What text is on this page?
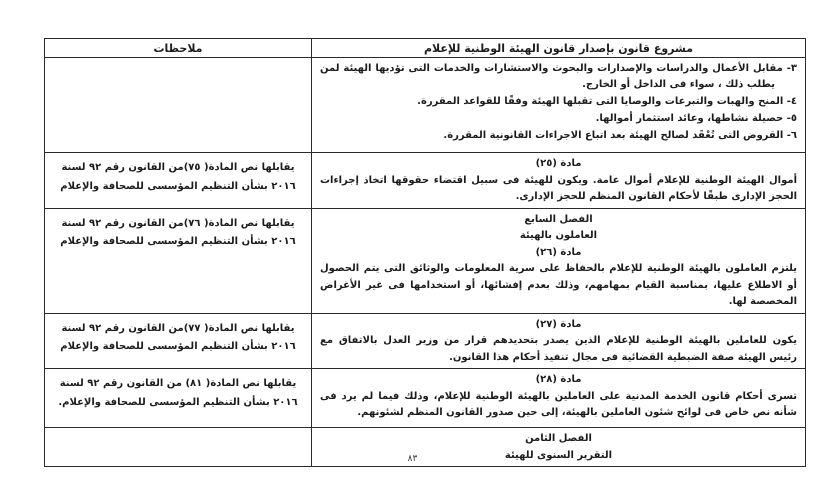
مشروع قانون بإصدار قانون الهيئة الوطنية للإعلام	ملاحظات

٣- مقابل الأعمال والدراسات والإصدارات والبحوث والاستشارات والخدمات التى تؤديها الهيئة لمن يطلب ذلك ، سواء فى الداخل أو الخارج.
٤- المنح والهبات والتبرعات والوصايا التى تقبلها الهيئة وفقًا للقواعد المقررة.
٥- حصيلة نشاطها، وعائد استثمار أموالها.
٦- القروض التى تُعْقَد لصالح الهيئة بعد اتباع الاجراءات القانونية المقررة.	

مادة (٢٥)
أموال الهيئة الوطنية للإعلام أموال عامة. ويكون للهيئة فى سبيل اقتضاء حقوقها اتخاذ إجراءات الحجز الإدارى طبقًا لأحكام القانون المنظم للحجز الإدارى.	يقابلها نص المادة( ٧٥)من القانون رقم ٩٢ لسنة ٢٠١٦ بشأن التنظيم المؤسسى للصحافة والإعلام

الفصل السابع
العاملون بالهيئة
مادة (٢٦)
يلتزم العاملون بالهيئة الوطنية للإعلام بالحفاظ على سرية المعلومات والوثائق التى يتم الحصول أو الاطلاع عليها، بمناسبة القيام بمهامهم، وذلك بعدم إفشائها، أو استخدامها فى غير الأغراض المخصصة لها.	يقابلها نص المادة( ٧٦)من القانون رقم ٩٢ لسنة ٢٠١٦ بشأن التنظيم المؤسسى للصحافة والإعلام

مادة (٢٧)
يكون للعاملين بالهيئة الوطنية للإعلام الذين يصدر بتحديدهم قرار من وزير العدل بالاتفاق مع رئيس الهيئة صفة الضبطية القضائية فى مجال تنفيذ أحكام هذا القانون.	يقابلها نص المادة( ٧٧)من القانون رقم ٩٢ لسنة ٢٠١٦ بشأن التنظيم المؤسسى للصحافة والإعلام

مادة (٢٨)
تسرى أحكام قانون الخدمة المدنية على العاملين بالهيئة الوطنية للإعلام، وذلك فيما لم يرد فى شأنه نص خاص فى لوائح شئون العاملين بالهيئة، إلى حين صدور القانون المنظم لشئونهم.	يقابلها نص المادة( ٨١) من القانون رقم ٩٢ لسنة ٢٠١٦ بشأن التنظيم المؤسسى للصحافة والإعلام.

الفصل الثامن
التقرير السنوى للهيئة	

٨٣
